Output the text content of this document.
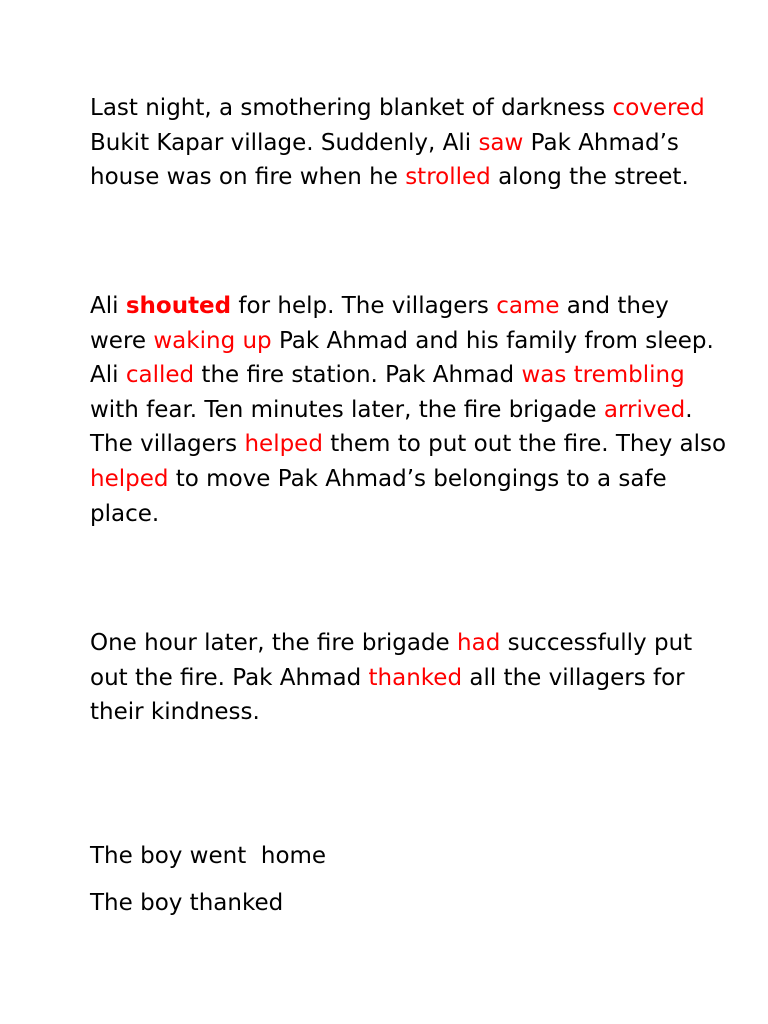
Last night, a smothering blanket of darkness covered Bukit Kapar village. Suddenly, Ali saw Pak Ahmad’s house was on fire when he strolled along the street.

Ali shouted for help. The villagers came and they were waking up Pak Ahmad and his family from sleep. Ali called the fire station. Pak Ahmad was trembling with fear. Ten minutes later, the fire brigade arrived. The villagers helped them to put out the fire. They also helped to move Pak Ahmad’s belongings to a safe place.

One hour later, the fire brigade had successfully put out the fire. Pak Ahmad thanked all the villagers for their kindness.

The boy went  home

The boy thanked
